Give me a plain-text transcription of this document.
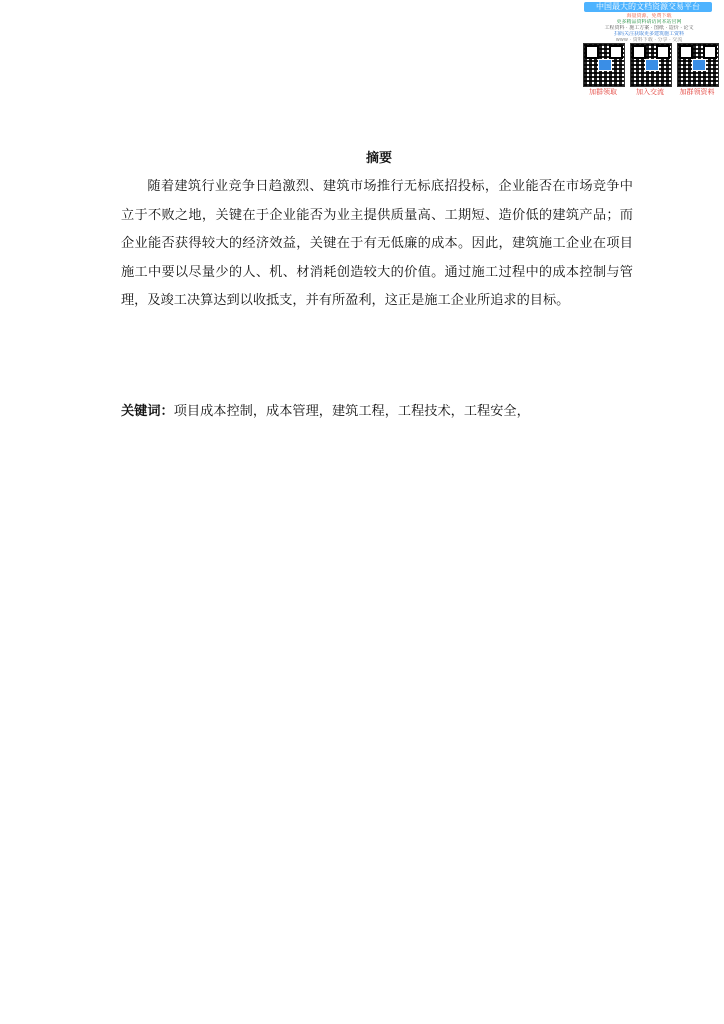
中国最大的文档资源交易平台
海量资源，免费下载
更多精品资料请访问本站官网
工程资料 · 施工方案 · 图纸 · 造价 · 论文
扫码关注获取更多建筑施工资料
www · 资料下载 · 分享 · 交流
加群领取	加入交流	加群领资料
摘要

随着建筑行业竞争日趋激烈、建筑市场推行无标底招投标，企业能否在市场竞争中立于不败之地，关键在于企业能否为业主提供质量高、工期短、造价低的建筑产品；而企业能否获得较大的经济效益，关键在于有无低廉的成本。因此，建筑施工企业在项目施工中要以尽量少的人、机、材消耗创造较大的价值。通过施工过程中的成本控制与管理，及竣工决算达到以收抵支，并有所盈利，这正是施工企业所追求的目标。

关键词：项目成本控制，成本管理，建筑工程，工程技术，工程安全，
